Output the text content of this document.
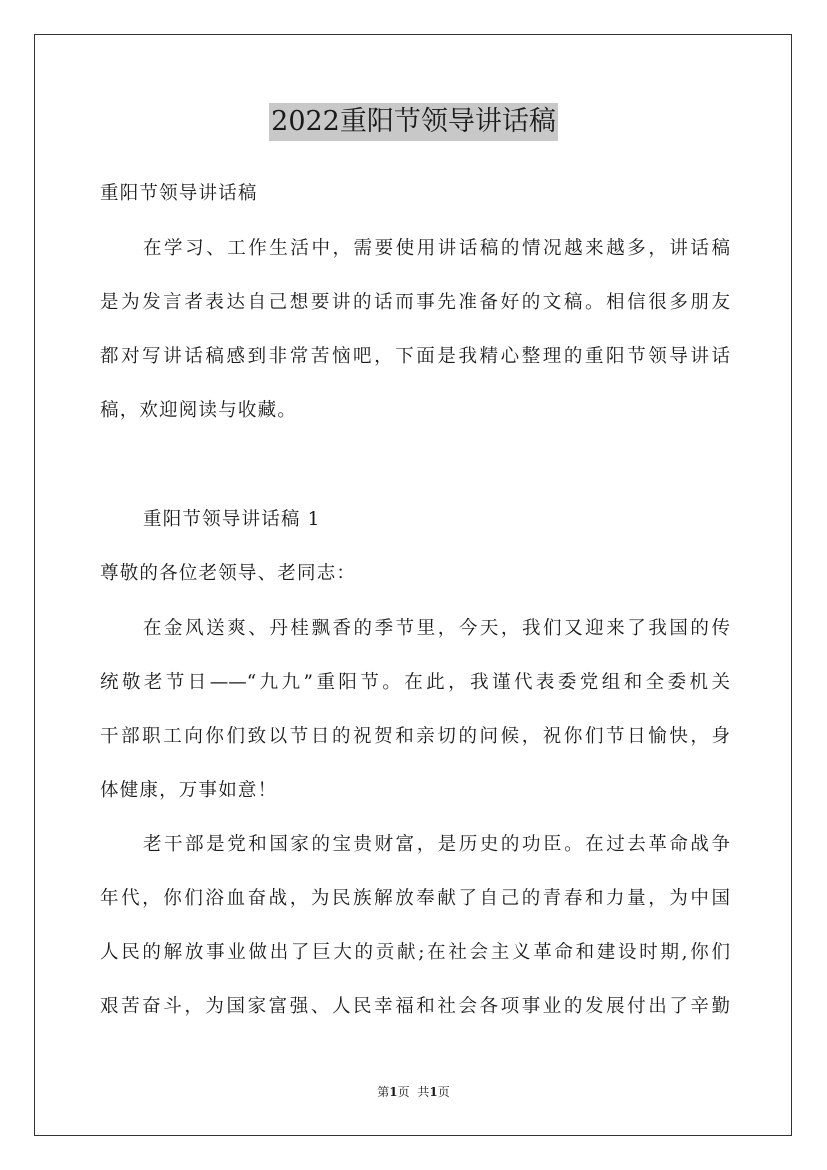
2022重阳节领导讲话稿
重阳节领导讲话稿
在学习、工作生活中，需要使用讲话稿的情况越来越多，讲话稿
是为发言者表达自己想要讲的话而事先准备好的文稿。相信很多朋友
都对写讲话稿感到非常苦恼吧，下面是我精心整理的重阳节领导讲话
稿，欢迎阅读与收藏。
重阳节领导讲话稿 1
尊敬的各位老领导、老同志：
在金风送爽、丹桂飘香的季节里，今天，我们又迎来了我国的传
统敬老节日——“九九”重阳节。在此，我谨代表委党组和全委机关
干部职工向你们致以节日的祝贺和亲切的问候，祝你们节日愉快，身
体健康，万事如意！
老干部是党和国家的宝贵财富，是历史的功臣。在过去革命战争
年代，你们浴血奋战，为民族解放奉献了自己的青春和力量，为中国
人民的解放事业做出了巨大的贡献;在社会主义革命和建设时期,你们
艰苦奋斗，为国家富强、人民幸福和社会各项事业的发展付出了辛勤
第1页 共1页
